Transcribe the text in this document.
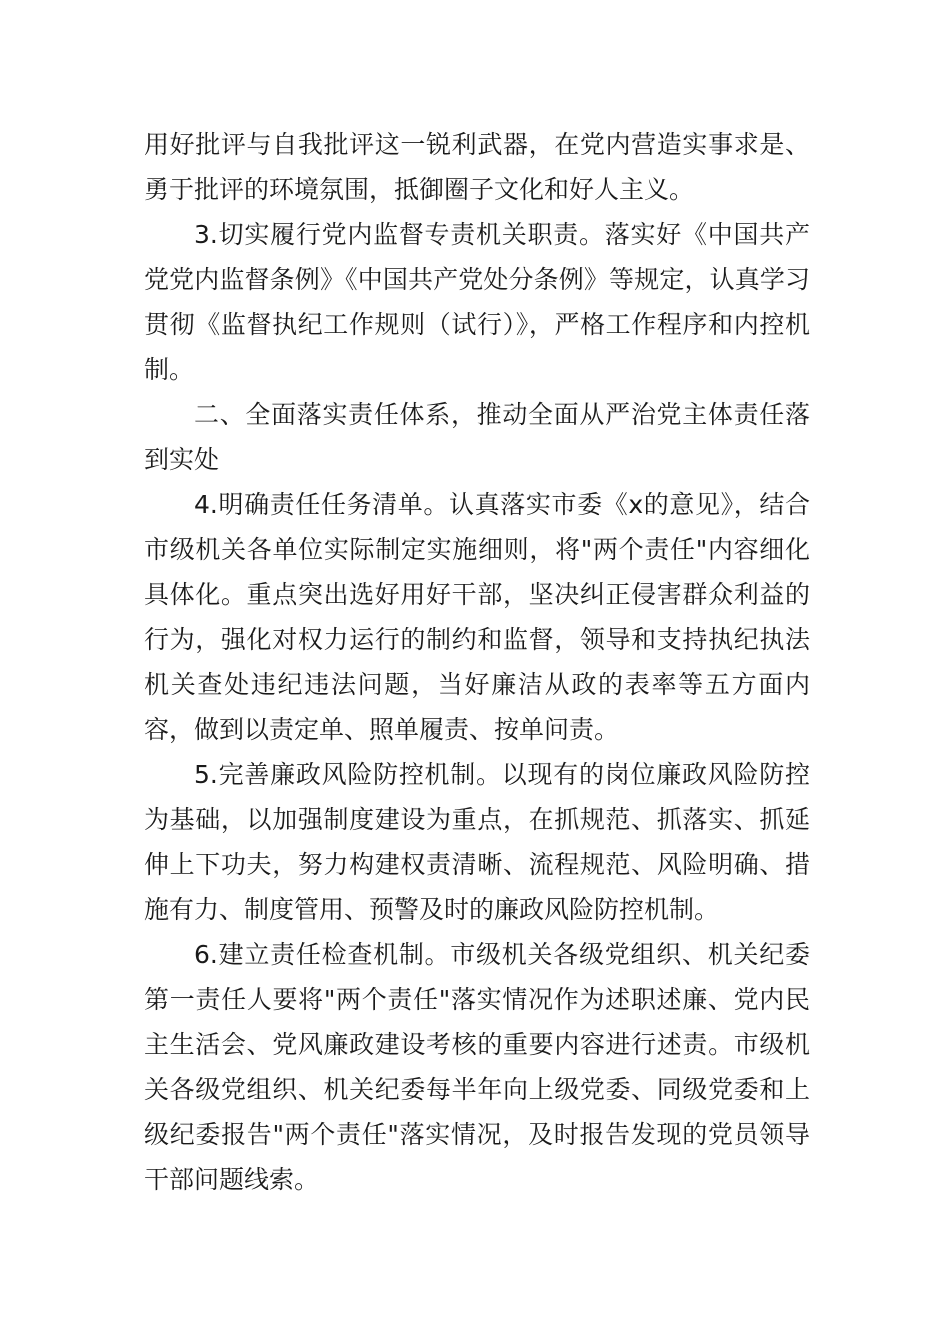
用好批评与自我批评这一锐利武器，在党内营造实事求是、勇于批评的环境氛围，抵御圈子文化和好人主义。

3.切实履行党内监督专责机关职责。落实好《中国共产党党内监督条例》《中国共产党处分条例》等规定，认真学习贯彻《监督执纪工作规则（试行）》，严格工作程序和内控机制。

二、全面落实责任体系，推动全面从严治党主体责任落到实处

4.明确责任任务清单。认真落实市委《x的意见》，结合市级机关各单位实际制定实施细则，将"两个责任"内容细化具体化。重点突出选好用好干部，坚决纠正侵害群众利益的行为，强化对权力运行的制约和监督，领导和支持执纪执法机关查处违纪违法问题，当好廉洁从政的表率等五方面内容，做到以责定单、照单履责、按单问责。

5.完善廉政风险防控机制。以现有的岗位廉政风险防控为基础，以加强制度建设为重点，在抓规范、抓落实、抓延伸上下功夫，努力构建权责清晰、流程规范、风险明确、措施有力、制度管用、预警及时的廉政风险防控机制。

6.建立责任检查机制。市级机关各级党组织、机关纪委第一责任人要将"两个责任"落实情况作为述职述廉、党内民主生活会、党风廉政建设考核的重要内容进行述责。市级机关各级党组织、机关纪委每半年向上级党委、同级党委和上级纪委报告"两个责任"落实情况，及时报告发现的党员领导干部问题线索。
